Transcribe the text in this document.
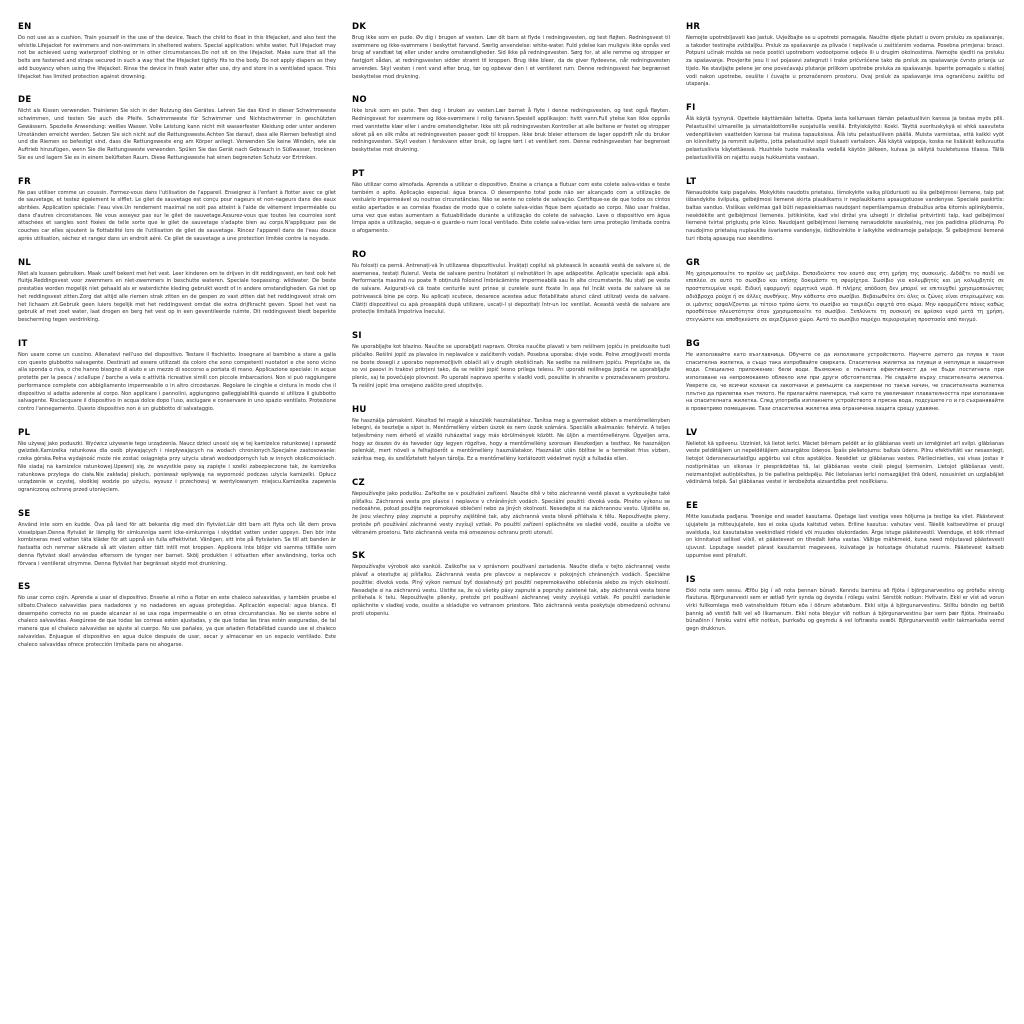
EN

Do not use as a cushion. Train yourself in the use of the device. Teach the child to float in this lifejacket, and also test the whistle.Lifejacket for swimmers and non-swimmers in sheltered waters. Special application: white water. Full lifejacket may not be achieved using waterproof clothing or in other circumstances.Do not sit on the lifejacket. Make sure that all the belts are fastened and straps secured in such a way that the lifejacket tightly fits to the body. Do not apply diapers as they add buoyancy when using the lifejacket. Rinse the device in fresh water after use, dry and store in a ventilated space. This lifejacket has limited protection against drowning.

DE

Nicht als Kissen verwenden. Trainieren Sie sich in der Nutzung des Gerätes. Lehren Sie das Kind in dieser Schwimmweste schwimmen, und testen Sie auch die Pfeife. Schwimmweste für Schwimmer und Nichtschwimmer in geschützten Gewässern. Spezielle Anwendung: weißes Wasser. Volle Leistung kann nicht mit wasserfester Kleidung oder unter anderen Umständen erreicht werden. Setzen Sie sich nicht auf die Rettungsweste.Achten Sie darauf, dass alle Riemen befestigt sind und die Riemen so befestigt sind, dass die Rettungsweste eng am Körper anliegt. Verwenden Sie keine Windeln, wie sie Auftrieb hinzufügen, wenn Sie die Rettungsweste verwenden. Spülen Sie das Gerät nach Gebrauch in Süßwasser, trocknen Sie es und lagern Sie es in einem belüfteten Raum. Diese Rettungsweste hat einen begrenzten Schutz vor Ertrinken.

FR

Ne pas utiliser comme un coussin. Formez-vous dans l'utilisation de l'appareil. Enseignez à l'enfant à flotter avec ce gilet de sauvetage, et testez également le sifflet. Le gilet de sauvetage est conçu pour nageurs et non-nageurs dans des eaux abritées. Application spéciale: l'eau vive.Un rendement maximal ne soit pas atteint à l'aide de vêtement imperméable ou dans d'autres circonstances. Ne vous asseyez pas sur le gilet de sauvetage.Assurez-vous que toutes les courroies sont attachées et sangles sont fixées de telle sorte que le gilet de sauvetage s'adapte bien au corps.N'appliquez pas de couches car elles ajoutent la flottabilité lors de l'utilisation de gilet de sauvetage. Rincez l'appareil dans de l'eau douce après utilisation, séchez et rangez dans un endroit aéré. Ce gilet de sauvetage a une protection limitée contre la noyade.

NL

Niet als kussen gebruiken. Maak uzelf bekent met het vest. Leer kinderen om te drijven in dit reddingsvest, en test ook het fluitje.Reddingsvest voor zwemmers en niet-zwemmers in beschutte wateren. Speciale toepassing: wildwater. De beste prestaties worden mogelijk niet gehaald als er waterdichte kleding gebruikt wordt of in andere omstandigheden. Ga niet op het reddingsvest zitten.Zorg dat altijd alle riemen strak zitten en de gespen zo vast zitten dat het reddingsvest strak om het lichaam zit.Gebruik geen luiers tegelijk met het reddingsvest omdat die extra drijfkracht geven. Spoel het vest na gebruik af met zoet water, laat drogen en berg het vest op in een geventileerde ruimte. Dit reddingsvest biedt beperkte bescherming tegen verdrinking.

IT

Non usare come un cuscino. Allenatevi nell'uso del dispositivo. Testare il fischietto. Insegnare al bambino a stare a galla con questo giubbotto salvagente. Destinati ad essere utilizzati da coloro che sono competenti nuotatori e che sono vicino alla sponda o riva, o che hanno bisogno di aiuto e un mezzo di soccorso a portata di mano. Applicazione speciale: in acque protette per la pesca / sciallupe / barche a vela o attività ricreative simili con piccole imbarcazioni. Non si può raggiungere performance complete con abbigliamento impermeabile o in altro circostanze. Regolare le cinghie e cintura in modo che il dispositivo si adatta aderente al corpo. Non applicare i pannolini, aggiungono galleggiabilità quando si utilizza il giubbotto salvagente. Risciacquare il dispositivo in acqua dolce dopo l'uso, asciugare e conservare in uno spazio ventilato. Protezione contro l'annegamento. Questo dispositivo non è un giubbotto di salvataggio.

PL

Nie używaj jako poduszki. Wyćwicz używanie tego urządzenia. Naucz dzieci unosić się w tej kamizelce ratunkowej i sprawdź gwizdek.Kamizelka ratunkowa dla osób pływających i niepływających na wodach chronionych.Specjalne zastosowanie: rzeka górska.Pełna wydajność może nie zostać osiągnięta przy użyciu ubrań wodoodpornych lub w innych okolicznościach. Nie siadaj na kamizelce ratunkowej.Upewnij się, że wszystkie pasy są zapięte i szelki zabezpieczone tak, że kamizelka ratunkowa przylega do ciała.Nie zakładaj pieluch, ponieważ wpływają na wyporność podczas użycia kamizelki. Opłucz urządzenie w czystej, słodkiej wodzie po użyciu, wysusz i przechowuj w wentylowanym miejscu.Kamizelka zapewnia ograniczoną ochronę przed utonięciem.

SE

Använd inte som en kudde. Öva på land för att bekanta dig med din flytväst.Lär ditt barn att flyta och låt dem prova visselpipan.Denna flytväst är lämplig för simkunniga samt icke-simkunniga i skyddat vatten under uppsyn. Den bör inte kombineras med vatten täta kläder för att uppnå sin fulla effektivitet. Vänligen, sitt inte på flytvästen. Se till att banden är fastsatta och remmar säkrade så att västen sitter tätt intill mot kroppen. Applicera inte blöjor vid samma tillfälle som denna flytväst skall användas eftersom de tynger ner barnet. Skölj produkten i sötvatten efter användning, torka och förvara i ventilerat utrymme. Denna flytväst har begränsat skydd mot drunkning.

ES

No usar como cojín. Aprenda a usar el dispositivo. Enseñe al niño a flotar en este chaleco salvavidas, y también pruebe el silbato.Chaleco salvavidas para nadadores y no nadadores en aguas protegidas. Aplicación especial: agua blanca. El desempeño correcto no se puede alcanzar si se usa ropa impermeable o en otras circunstancias. No se siente sobre el chaleco salvavidas. Asegúrese de que todas las correas estén ajustadas, y de que todas las tiras estén aseguradas, de tal manera que el chaleco salvavidas se ajuste al cuerpo. No use pañales, ya que añaden flotabilidad cuando use el chaleco salvavidas. Enjuague el dispositivo en agua dulce después de usar, secar y almacenar en un espacio ventilado. Este chaleco salvavidas ofrece protección limitada para no ahogarse.

DK

Brug ikke som en pude. Øv dig i brugen af vesten. Lær dit barn at flyde i redningsvesten, og test fløjten. Redningsvest til svømmere og ikke-svømmere i beskyttet farvand. Særlig anvendelse: white-water. Fuld ydelse kan muligvis ikke opnås ved brug af vandtæt tøj eller under andre omstændigheder. Sid ikke på redningsvesten. Sørg for, at alle remme og stropper er fastgjort sådan, at redningsvesten sidder stramt til kroppen. Brug ikke bleer, da de giver flydeevne, når redningsvesten anvendes. Skyl vesten i rent vand efter brug, tør og opbevar den i et ventileret rum. Denne redningsvest har begrænset beskyttelse mod drukning.

NO

Ikke bruk som en pute. Tren deg i bruken av vesten.Lær barnet å flyte i denne redningsvesten, og test også fløyten. Redningsvest for svømmere og ikke-svømmere i rolig farvann.Spesiell applikasjon: hvitt vann.Full ytelse kan ikke oppnås med vanntette klær eller i andre omstendigheter. Ikke sitt på redningsvesten.Kontroller at alle beltene er festet og stropper sikret på en slik måte at redningsvesten passer godt til kroppen. Ikke bruk bleier ettersom de lager oppdrift når du bruker redningsvesten. Skyll vesten i ferskvann etter bruk, og lagre tørt i et ventilert rom. Denne redningsvesten har begrenset beskyttelse mot drukning.

PT

Não utilizar como almofada. Aprenda a utilizar o dispositivo. Ensine a criança a flutuar com este colete salva-vidas e teste também o apito. Aplicação especial: água branca. O desempenho total pode não ser alcançado com a utilização de vestuário impermeável ou noutras circunstâncias. Não se sente no colete de salvação. Certifique-se de que todos os cintos estão apertados e as correias fixadas de modo que o colete salva-vidas fique bem ajustado ao corpo. Não usar fraldas, uma vez que estas aumentam a flutuabilidade durante a utilização do colete de salvação. Lave o dispositivo em água limpa após a utilização, seque-o e guarde-o num local ventilado. Este colete salva-vidas tem uma proteção limitada contra o afogamento.

RO

Nu folosiți ca pernă. Antrenați-vă în utilizarea dispozitivului. Învățați copilul să plutească în această vestă de salvare si, de asemenea, testați fluierul. Vesta de salvare pentru înotători și neînotători în ape adăpostite. Aplicație specială: apă albă. Performanța maximă nu poate fi obținută folosind îmbrăcăminte impermeabilă sau în alte circumstanțe. Nu stați pe vesta de salvare. Asigurați-vă că toate centurile sunt prinse și curelele sunt fixate în așa fel încât vesta de salvare să se potrivească bine pe corp. Nu aplicați scutece, deoarece acestea aduc flotabilitate atunci când utilizați vesta de salvare. Clătiți dispozitivul cu apă proaspătă după utilizare, uscați-l și depozitați într-un loc ventilat. Această vestă de salvare are protecție limitată împotriva înecului.

SI

Ne uporabljajte kot blazino. Naučite se uporabljati napravo. Otroka naučite plavati v tem rešilnem jopiču in preizkusite tudi piščalko. Rešilni jopič za plavalce in neplavalce v zaščitenih vodah. Posebna uporaba: divje vode. Polne zmogljivosti morda ne boste dosegli z uporabo nepremočljivih oblačil ali v drugih okoliščinah. Ne sedite na rešilnem jopiču. Prepričajte se, da so vsi pasovi in trakovi pritrjeni tako, da se rešilni jopič tesno prilega telesu. Pri uporabi rešilnega jopiča ne uporabljajte plenic, saj te povečujejo plovnost. Po uporabi napravo sperite v sladki vodi, posušite in shranite v prezračevanem prostoru. Ta rešilni jopič ima omejeno zaščito pred utopitvijo.

HU

Ne használja párnaként. Készítsd fel magát a készülék használatához. Tanítsa meg a gyermeket ebben a mentőmellényben lebegni, és tesztelje a sípot is. Mentőmellény vízben úszok és nem úszók számára. Speciális alkalmazás: fehérvíz. A teljes teljesítmény nem érhető el vízálló ruházattal vagy más körülmények között. Ne üljön a mentőmellényre. Ügyeljen arra, hogy az összes öv és heveder úgy legyen rögzítve, hogy a mentőmellény szorosan illeszkedjen a testhez. Ne használjon pelenkát, mert növeli a felhajtóerőt a mentőmellény használatakor. Használat után öblítse le a terméket friss vízben, szárítsa meg, és szellőztetett helyen tárolja. Ez a mentőmellény korlátozott védelmet nyújt a fulladás ellen.

CZ

Nepoužívejte jako podušku. Zařkolte se v používání zařízení. Naučte dítě v této záchranné vestě plavat a vyzkoušejte také píšťalku. Záchranná vesta pro plavce i neplavce v chráněných vodách. Speciální použití: divoká voda. Plného výkonu se nedosáhne, pokud použijte nepromokavé oblečení nebo za jiných okolností. Nesedejte si na záchrannou vestu. Ujistěte se, že jsou všechny pásy zapnuté a popruhy zajištěné tak, aby záchranná vesta těsně přiléhala k tělu. Nepoužívejte pleny, protože při používání záchranné vesty zvyšují vztlak. Po použití zařízení opláchněte ve sladké vodě, osušte a uložte ve větraném prostoru. Tato záchranná vesta má omezenou ochranu proti utonutí.

SK

Nepoužívajte výrobok ako vankúš. Zaškoľte sa v správnom používaní zariadenia. Naučte dieťa v tejto záchrannej veste plávať a otestujte aj píšťalku. Záchranná vesta pre plavcov a neplavcov v pokojných chránených vodách. Špeciálne použitie: divoká voda. Plný výkon nemusí byť dosiahnutý pri použití nepremokavého oblečenia alebo za iných okolností. Nesadajte si na záchrannú vestu. Uistite sa, že sú všetky pásy zapnuté a popruhy zaistené tak, aby záchranná vesta tesne priliehala k telu. Nepoužívajte plienky, pretože pri používaní záchrannej vesty zvyšujú vztlak. Po použití zariadenie opláchnite v sladkej vode, osušte a skladujte vo vetranom priestore. Táto záchranná vesta poskytuje obmedzenú ochranu proti utopeniu.

HR

Nemojte upotrebljavati kao jastuk. Uvježbajte se u upotrebi pomagala. Naučite dijete plutati u ovom prsluku za spašavanje, a također testirajte zviždaljku. Prsluk za spašavanje za plivače i neplivače u zaštićenim vodama. Posebna primjena: brzaci. Potpuni učinak možda se neće postići upotrebom vodootporne odjeće ili u drugim okolnostima. Nemojte sjediti na prsluku za spašavanje. Provjerite jesu li svi pojasevi zategnuti i trake pričvršćene tako da prsluk za spašavanje čvrsto prianja uz tijelo. Ne stavljajte pelene jer one povećavaju plutanje prilikom upotrebe prsluka za spašavanje. Isperite pomagalo u slatkoj vodi nakon upotrebe, osušite i čuvajte u prozračenom prostoru. Ovaj prsluk za spašavanje ima ograničenu zaštitu od utapanja.

FI

Älä käytä tyynynä. Opettele käyttämään laitetta. Opeta lasta kellumaan tämän pelastusliivin kanssa ja testaa myös pilli. Pelastusliivi uimareille ja uimataidottomille suojatuilla vesillä. Erityiskäyttö: Koski. Täyttä suorituskykyä ei ehkä saavuteta vedenpitävien vaatteiden kanssa tai muissa tapauksissa. Älä istu pelastusliiven päällä. Muista varmistaa, että kaikki vyöt on kiinnitetty ja remmit suljettu, jotta pelastusliivi sopii tiukasti vartaloon. Älä käytä vaippoja, koska ne lisäävät kelluvuutta pelastusliivia käytettäessä. Huuhtele tuote makealla vedellä käytön jälkeen, kuivaa ja säilytä tuuletetussa tilassa. Tällä pelastusliivillä on rajattu suoja hukkumista vastaan.

LT

Nenaudokite kaip pagalvės. Mokykitės naudotis prietaisu. Išmokykite vaiką plūduriuoti su šia gelbėjimosi liemene, taip pat išbandykite švilpuką. gelbėjimosi liemenė skirta plaukikams ir neplaukikams apsaugotuose vandenyse. Specialė paskirtis: baltas vanduo. Visiškas veikimas gali būti nepasiekiamas naudojant neperšlampamus drabužius arba kitomis aplinkybėmis, nesėdėkite ant gelbėjimosi liemenės. Įsitikinkite, kad visi diržai yra užsegti ir dirželiai pritvirtinti taip, kad gelbėjimosi liemenė tvirtai priglustų prie kūno. Naudojant gelbėjimosi liemenę nenaudokite sauskelnių, nes jos padidina plūdrumą. Po naudojimo prietaisą nuplaukite švariame vandenyje, išdžiovinkite ir laikykite vėdinamoje patalpoje. Ši gelbėjimosi liemenė turi ribotą apsaugą nuo skendimo.

GR

Μη χρησιμοποιείτε το προϊόν ως μαξιλάρι. Εκπαιδεύστε τον εαυτό σας στη χρήση της συσκευής. Διδάξτε το παιδί να επιπλέει σε αυτό το σωσίβιο και επίσης δοκιμάστε τη σφυρίχτρα. Σωσίβιο για κολυμβητές και μη κολυμβητές σε προστατευμένα νερά. Ειδική εφαρμογή: ορμητικά νερά. Η πλήρης απόδοση δεν μπορεί να επιτευχθεί χρησιμοποιώντας αδιάβροχα ρούχα ή σε άλλες συνθήκες. Μην κάθεστε στο σωσίβιο. Βεβαιωθείτε ότι όλες οι ζώνες είναι στερεωμένες και οι ιμάντες ασφαλίζονται με τέτοιο τρόπο ώστε το σωσίβιο να ταιριάζει σφιχτά στο σώμα. Μην εφαρμόζετε πάνες καθώς προσθέτουν πλευστότητα όταν χρησιμοποιείτε το σωσίβιο. Ξεπλύνετε τη συσκευή σε φρέσκο νερό μετά τη χρήση, στεγνώστε και αποθηκεύστε σε αεριζόμενο χώρο. Αυτό το σωσίβιο παρέχει περιορισμένη προστασία από πνιγμό.

BG

Не използвайте като възглавница. Обучете се да използвате устройството. Научете детето да плува в тази спасителна жилетка, а също така изпробвайте свирката. Спасителна жилетка за плувци и неплувци в защитени води. Специално приложение: бели води. Възможно е пълната ефективност да не бъде постигната при използване на непромокаемо облекло или при други обстоятелства. Не сядайте върху спасителната жилетка. Уверете се, че всички колани са закопчани и ремъците са закрепени по такъв начин, че спасителната жилетка плътно да прилепва към тялото. Не прилагайте памперси, тъй като те увеличават плавателността при използване на спасителната жилетка. След употреба изплакнете устройството в прясна вода, подсушете го и го съхранявайте в проветриво помещение. Тази спасителна жилетка има ограничена защита срещу удавяне.

LV

Nelietot kā spilvenu. Uzziniet, kā lietot ierīci. Māciet bērnam peldēt ar šo glābšanas vesti un izmēģiniet arī svilpi. glābšanas veste peldētājiem un nepeldētājiem aizsargātos ūdeņos. Īpašs pielietojums: baltais ūdens. Pilnu efektivitāti var nesasniegt, lietojot ūdensnecaurlaidīgu apģērbu vai citos apstākļos. Nesēdiet uz glābšanas vestes. Pārliecinieties, vai visas jostas ir nostiprinātas un siksnas ir piesprādzētas tā, lai glābšanas veste cieši pieguļ ķermenim. Lietojot glābšanas vesti, neizmantojiet autiņbiksītes, jo tie palielina peldspēju. Pēc lietošanas ierīci nomazgājiet tīrā ūdenī, nosusiniet un uzglabājiet vēdināmā telpā. Šai glābšanas vestei ir ierobežota aizsardzība pret noslīkšanu.

EE

Mitte kasutada padjana. Treenige end seadet kasutama. Õpetage last vestiga vees hõljuma ja testige ka vilet. Päästevest ujujatele ja mitteujujatele, kes ei oska ujuda kaitstud vetes. Eriline kasutus: vahutav vesi. Täielik kaitsevõime ei pruugi avalduda, kui kasutatakse veekindlaid riideid või muudes olukordades. Ärge istuge päästevestil. Veenduge, et kõik rihmad on kinnitatud sellisel viisil, et päästevest on tihedalt keha vastas. Vältige mähkmeid, kuna need mõjutavad päästevesti ujuvust. Loputage seadet pärast kasutamist magevees, kuivatage ja hoiustage õhutatud ruumis. Päästevest kaitseb uppumise eest piiratult.

IS

Ekki nota sem sessu. Æfðu þig í að nota þennan búnað. Kenndu barninu að fljóta í björgunarvestinu og prófaðu einnig flautuna. Björgunarvesti sem er ætlað fyrir synda og ósynda í rólegu vatni. Sérstök notkun: Hvítvatn. Ekki er víst að vorun virki fullkomlega með vatnsheldum fötum eða í öðrum aðstæðum. Ekki sitja á björgunarvestinu. Stilltu böndin og beltið þannig að vestið falli vel að líkamanum. Ekki nota bleyjur við notkun á björgunarvestinu þar sem þær fljóta. Hreinsaðu búnaðinn í fersku vatni eftir notkun, þurrkaðu og geymdu á vel loftræstu svæði. Björgunarvestið veitir takmarkaða vernd gegn drukknun.
